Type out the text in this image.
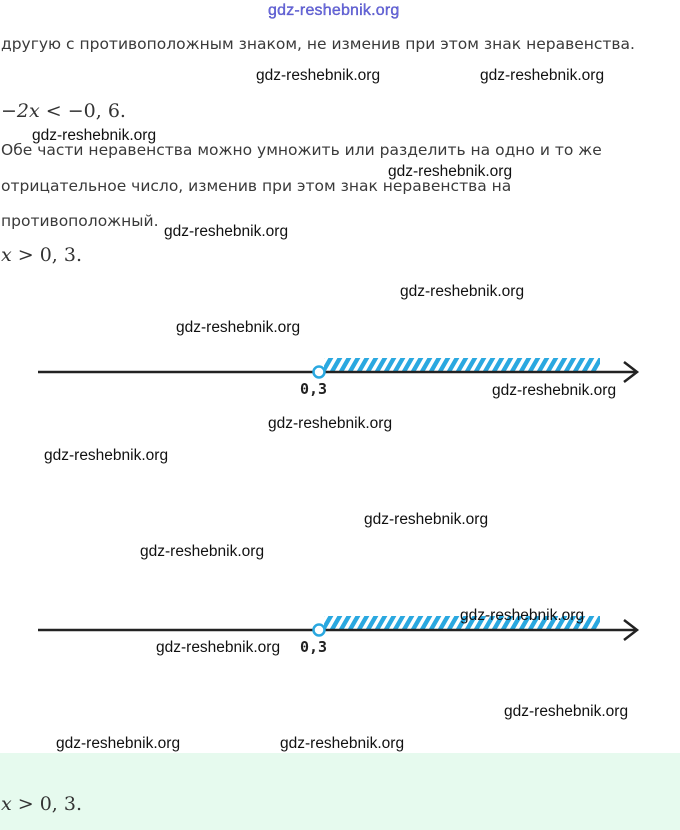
gdz-reshebnik.org

другую с противоположным знаком, не изменив при этом знак неравенства.

−2x < −0, 6.

Обе части неравенства можно умножить или разделить на одно и то же

отрицательное число, изменив при этом знак неравенства на

противоположный.

x > 0, 3.

0,3
0,3

x > 0, 3.

gdz-reshebnik.org	gdz-reshebnik.org
gdz-reshebnik.org
gdz-reshebnik.org
gdz-reshebnik.org
gdz-reshebnik.org
gdz-reshebnik.org
gdz-reshebnik.org
gdz-reshebnik.org
gdz-reshebnik.org
gdz-reshebnik.org
gdz-reshebnik.org
gdz-reshebnik.org
gdz-reshebnik.org
gdz-reshebnik.org
gdz-reshebnik.org	gdz-reshebnik.org
